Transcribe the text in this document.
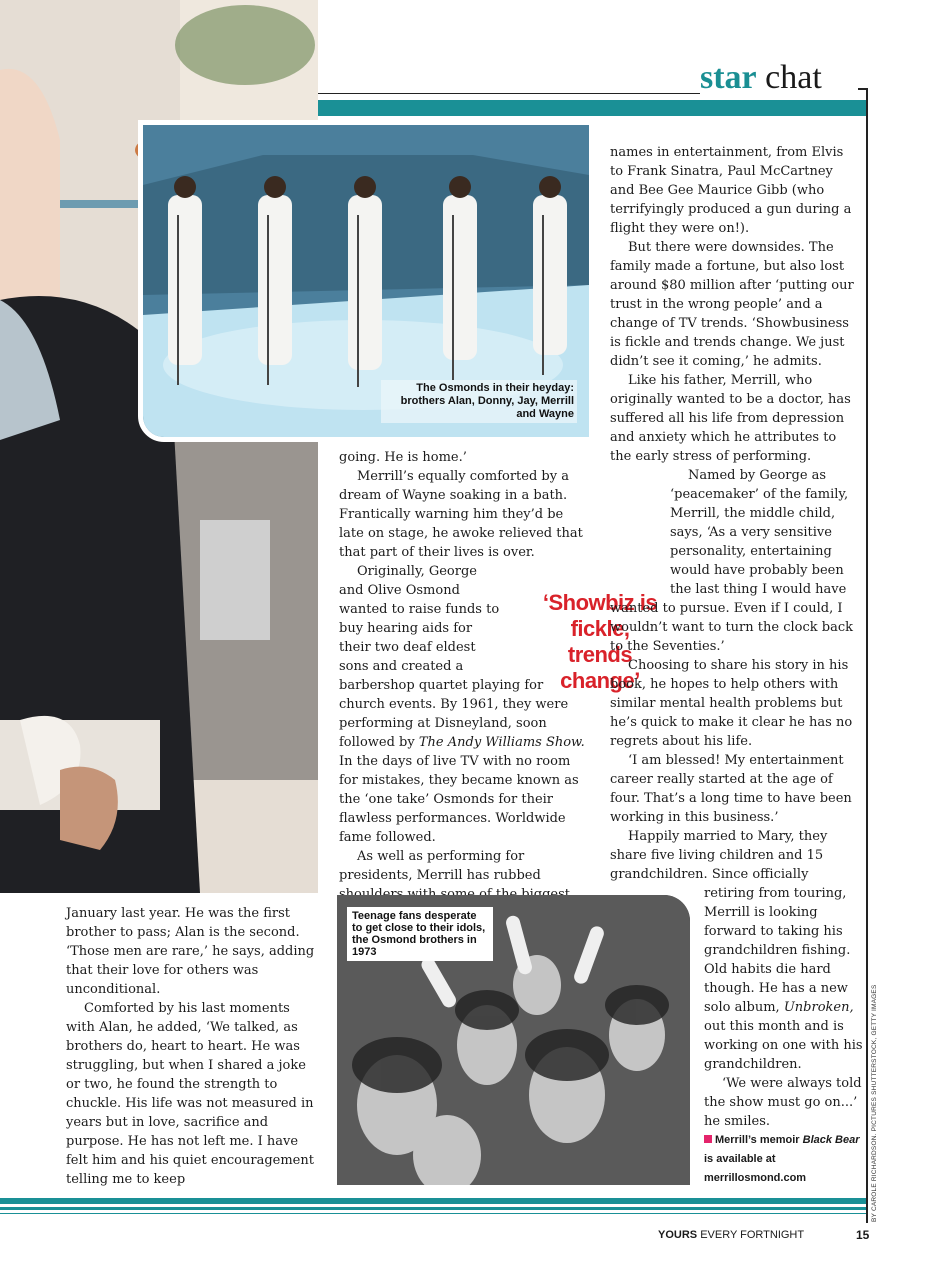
star chat
The Osmonds in their heyday: brothers Alan, Donny, Jay, Merrill and Wayne

January last year. He was the first brother to pass; Alan is the second. ‘Those men are rare,’ he says, adding that their love for others was unconditional.

Comforted by his last moments with Alan, he added, ‘We talked, as brothers do, heart to heart. He was struggling, but when I shared a joke or two, he found the strength to chuckle. His life was not measured in years but in love, sacrifice and purpose. He has not left me. I have felt him and his quiet encouragement telling me to keep

going. He is home.’

Merrill’s equally comforted by a dream of Wayne soaking in a bath. Frantically warning him they’d be late on stage, he awoke relieved that that part of their lives is over.

Originally, George and Olive Osmond wanted to raise funds to buy hearing aids for their two deaf eldest sons and created a barbershop quartet playing for church events. By 1961, they were performing at Disneyland, soon followed by The Andy Williams Show. In the days of live TV with no room for mistakes, they became known as the ‘one take’ Osmonds for their flawless performances. Worldwide fame followed.

As well as performing for presidents, Merrill has rubbed

‘Showbiz is fickle, trends change’

names in entertainment, from Elvis to Frank Sinatra, Paul McCartney and Bee Gee Maurice Gibb (who terrifyingly produced a gun during a flight they were on!).

But there were downsides. The family made a fortune, but also lost around $80 million after ‘putting our trust in the wrong people’ and a change of TV trends. ‘Showbusiness is fickle and trends change. We just didn’t see it coming,’ he admits.

Like his father, Merrill, who originally wanted to be a doctor, has suffered all his life from depression and anxiety which he attributes to the early stress of performing.

Named by George as ‘peacemaker’ of the family, Merrill, the middle child, says, ‘As a very sensitive personality, entertaining would have probably been the last thing I would have wanted to pursue. Even if I could, I wouldn’t want to turn the clock back to the Seventies.’

Choosing to share his story in his book, he hopes to help others with similar mental health problems but he’s quick to make it clear he has no regrets about his life.

‘I am blessed! My entertainment career really started at the age of four. That’s a long time to have been working in this business.’

Happily married to Mary, they share five living children and 15 grandchildren. Since officially

Teenage fans desperate to get close to their idols, the Osmond brothers in 1973

retiring from touring, Merrill is looking forward to taking his grandchildren fishing. Old habits die hard though. He has a new solo album, Unbroken, out this month and is working on one with his grandchildren.

‘We were always told the show must go on...’ he smiles.

Merrill’s memoir Black Bear is available at merrillosmond.com	BY CAROLE RICHARDSON. PICTURES SHUTTERSTOCK, GETTY IMAGES
YOURS EVERY FORTNIGHT	15
